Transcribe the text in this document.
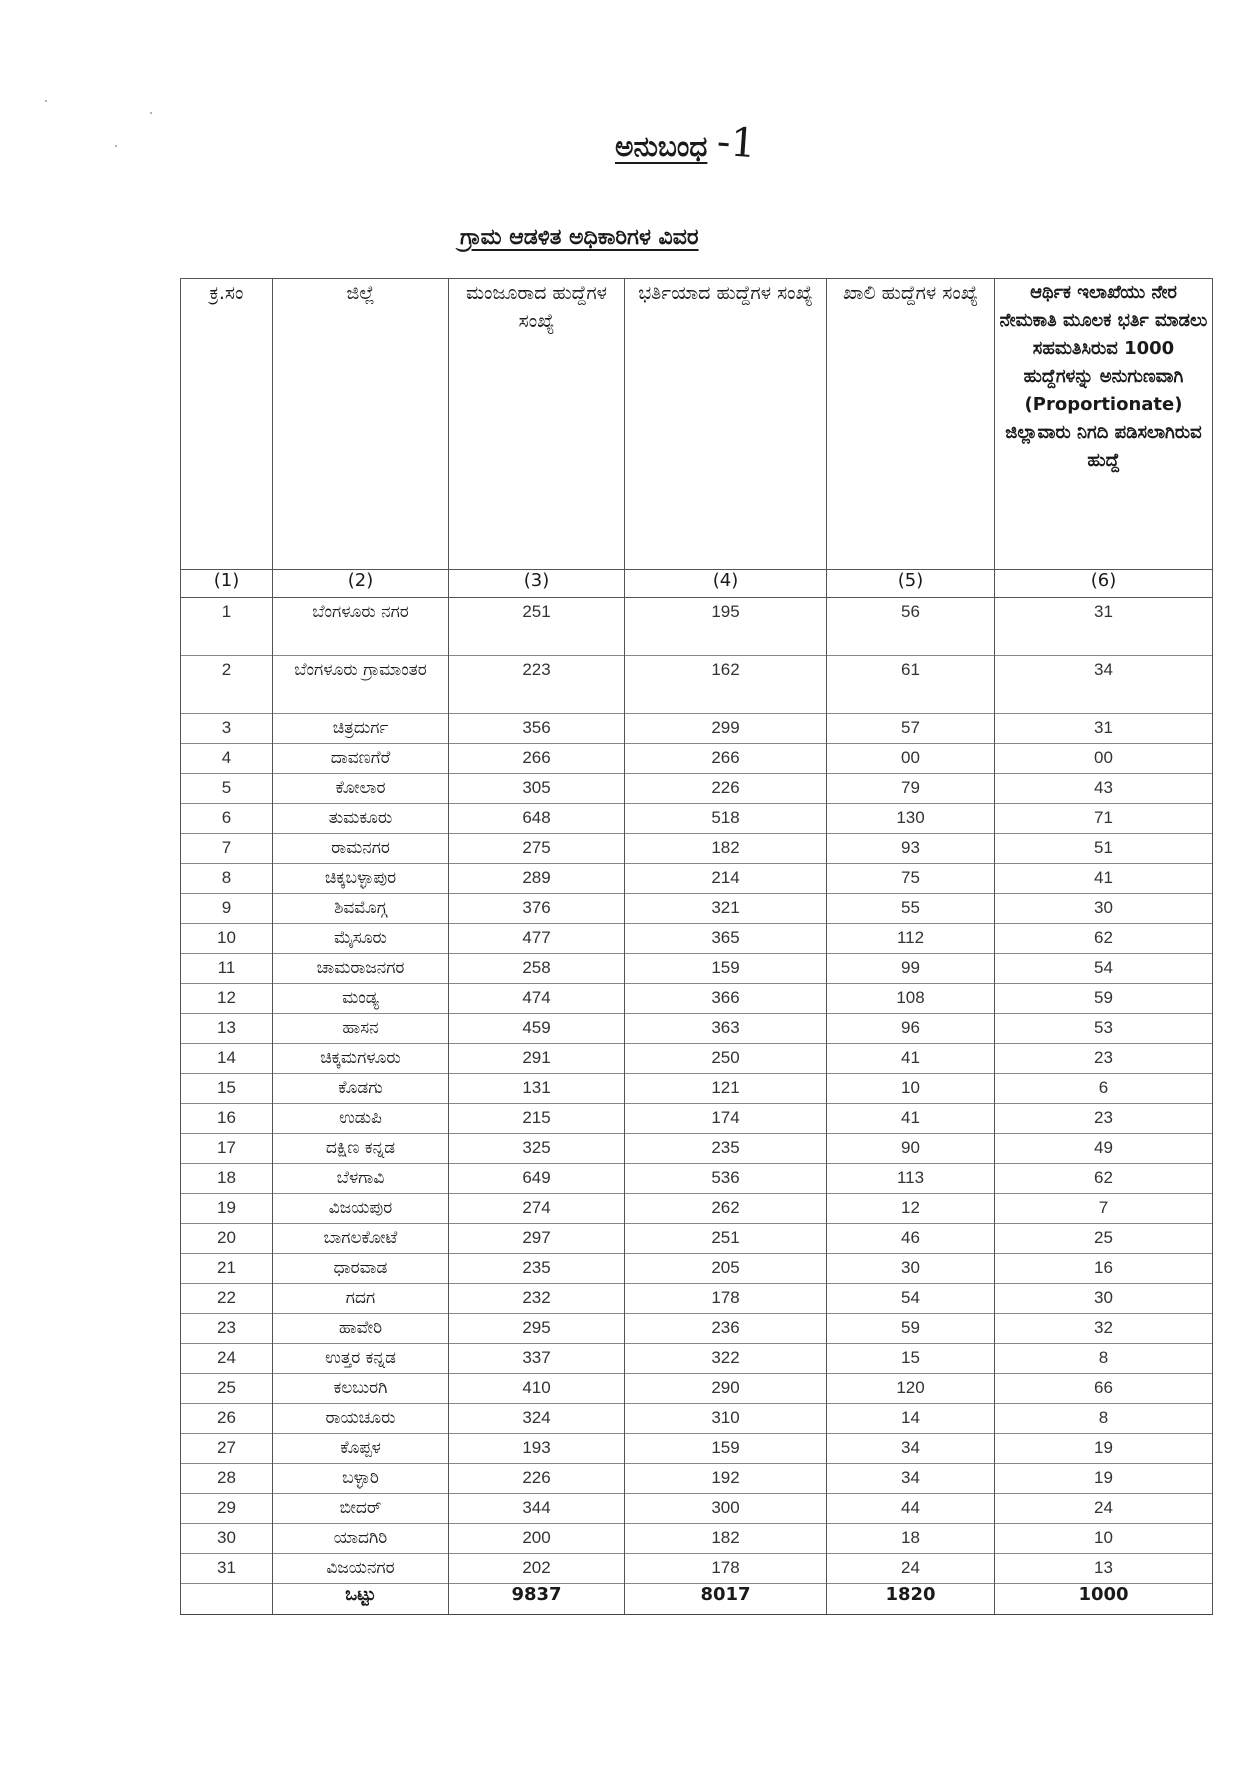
ಅನುಬಂಧ -1
ಗ್ರಾಮ ಆಡಳಿತ ಅಧಿಕಾರಿಗಳ ವಿವರ
ಕ್ರ.ಸಂ	ಜಿಲ್ಲೆ	ಮಂಜೂರಾದ ಹುದ್ದೆಗಳ ಸಂಖ್ಯೆ	ಭರ್ತಿಯಾದ ಹುದ್ದೆಗಳ ಸಂಖ್ಯೆ	ಖಾಲಿ ಹುದ್ದೆಗಳ ಸಂಖ್ಯೆ	ಆರ್ಥಿಕ ಇಲಾಖೆಯು ನೇರ ನೇಮಕಾತಿ ಮೂಲಕ ಭರ್ತಿ ಮಾಡಲು ಸಹಮತಿಸಿರುವ 1000 ಹುದ್ದೆಗಳನ್ನು ಅನುಗುಣವಾಗಿ (Proportionate) ಜಿಲ್ಲಾವಾರು ನಿಗದಿ ಪಡಿಸಲಾಗಿರುವ ಹುದ್ದೆ
(1)	(2)	(3)	(4)	(5)	(6)
1	ಬೆಂಗಳೂರು ನಗರ	251	195	56	31
2	ಬೆಂಗಳೂರು ಗ್ರಾಮಾಂತರ	223	162	61	34
3	ಚಿತ್ರದುರ್ಗ	356	299	57	31
4	ದಾವಣಗೆರೆ	266	266	00	00
5	ಕೋಲಾರ	305	226	79	43
6	ತುಮಕೂರು	648	518	130	71
7	ರಾಮನಗರ	275	182	93	51
8	ಚಿಕ್ಕಬಳ್ಳಾಪುರ	289	214	75	41
9	ಶಿವಮೊಗ್ಗ	376	321	55	30
10	ಮೈಸೂರು	477	365	112	62
11	ಚಾಮರಾಜನಗರ	258	159	99	54
12	ಮಂಡ್ಯ	474	366	108	59
13	ಹಾಸನ	459	363	96	53
14	ಚಿಕ್ಕಮಗಳೂರು	291	250	41	23
15	ಕೊಡಗು	131	121	10	6
16	ಉಡುಪಿ	215	174	41	23
17	ದಕ್ಷಿಣ ಕನ್ನಡ	325	235	90	49
18	ಬೆಳಗಾವಿ	649	536	113	62
19	ವಿಜಯಪುರ	274	262	12	7
20	ಬಾಗಲಕೋಟೆ	297	251	46	25
21	ಧಾರವಾಡ	235	205	30	16
22	ಗದಗ	232	178	54	30
23	ಹಾವೇರಿ	295	236	59	32
24	ಉತ್ತರ ಕನ್ನಡ	337	322	15	8
25	ಕಲಬುರಗಿ	410	290	120	66
26	ರಾಯಚೂರು	324	310	14	8
27	ಕೊಪ್ಪಳ	193	159	34	19
28	ಬಳ್ಳಾರಿ	226	192	34	19
29	ಬೀದರ್	344	300	44	24
30	ಯಾದಗಿರಿ	200	182	18	10
31	ವಿಜಯನಗರ	202	178	24	13
	ಒಟ್ಟು	9837	8017	1820	1000
